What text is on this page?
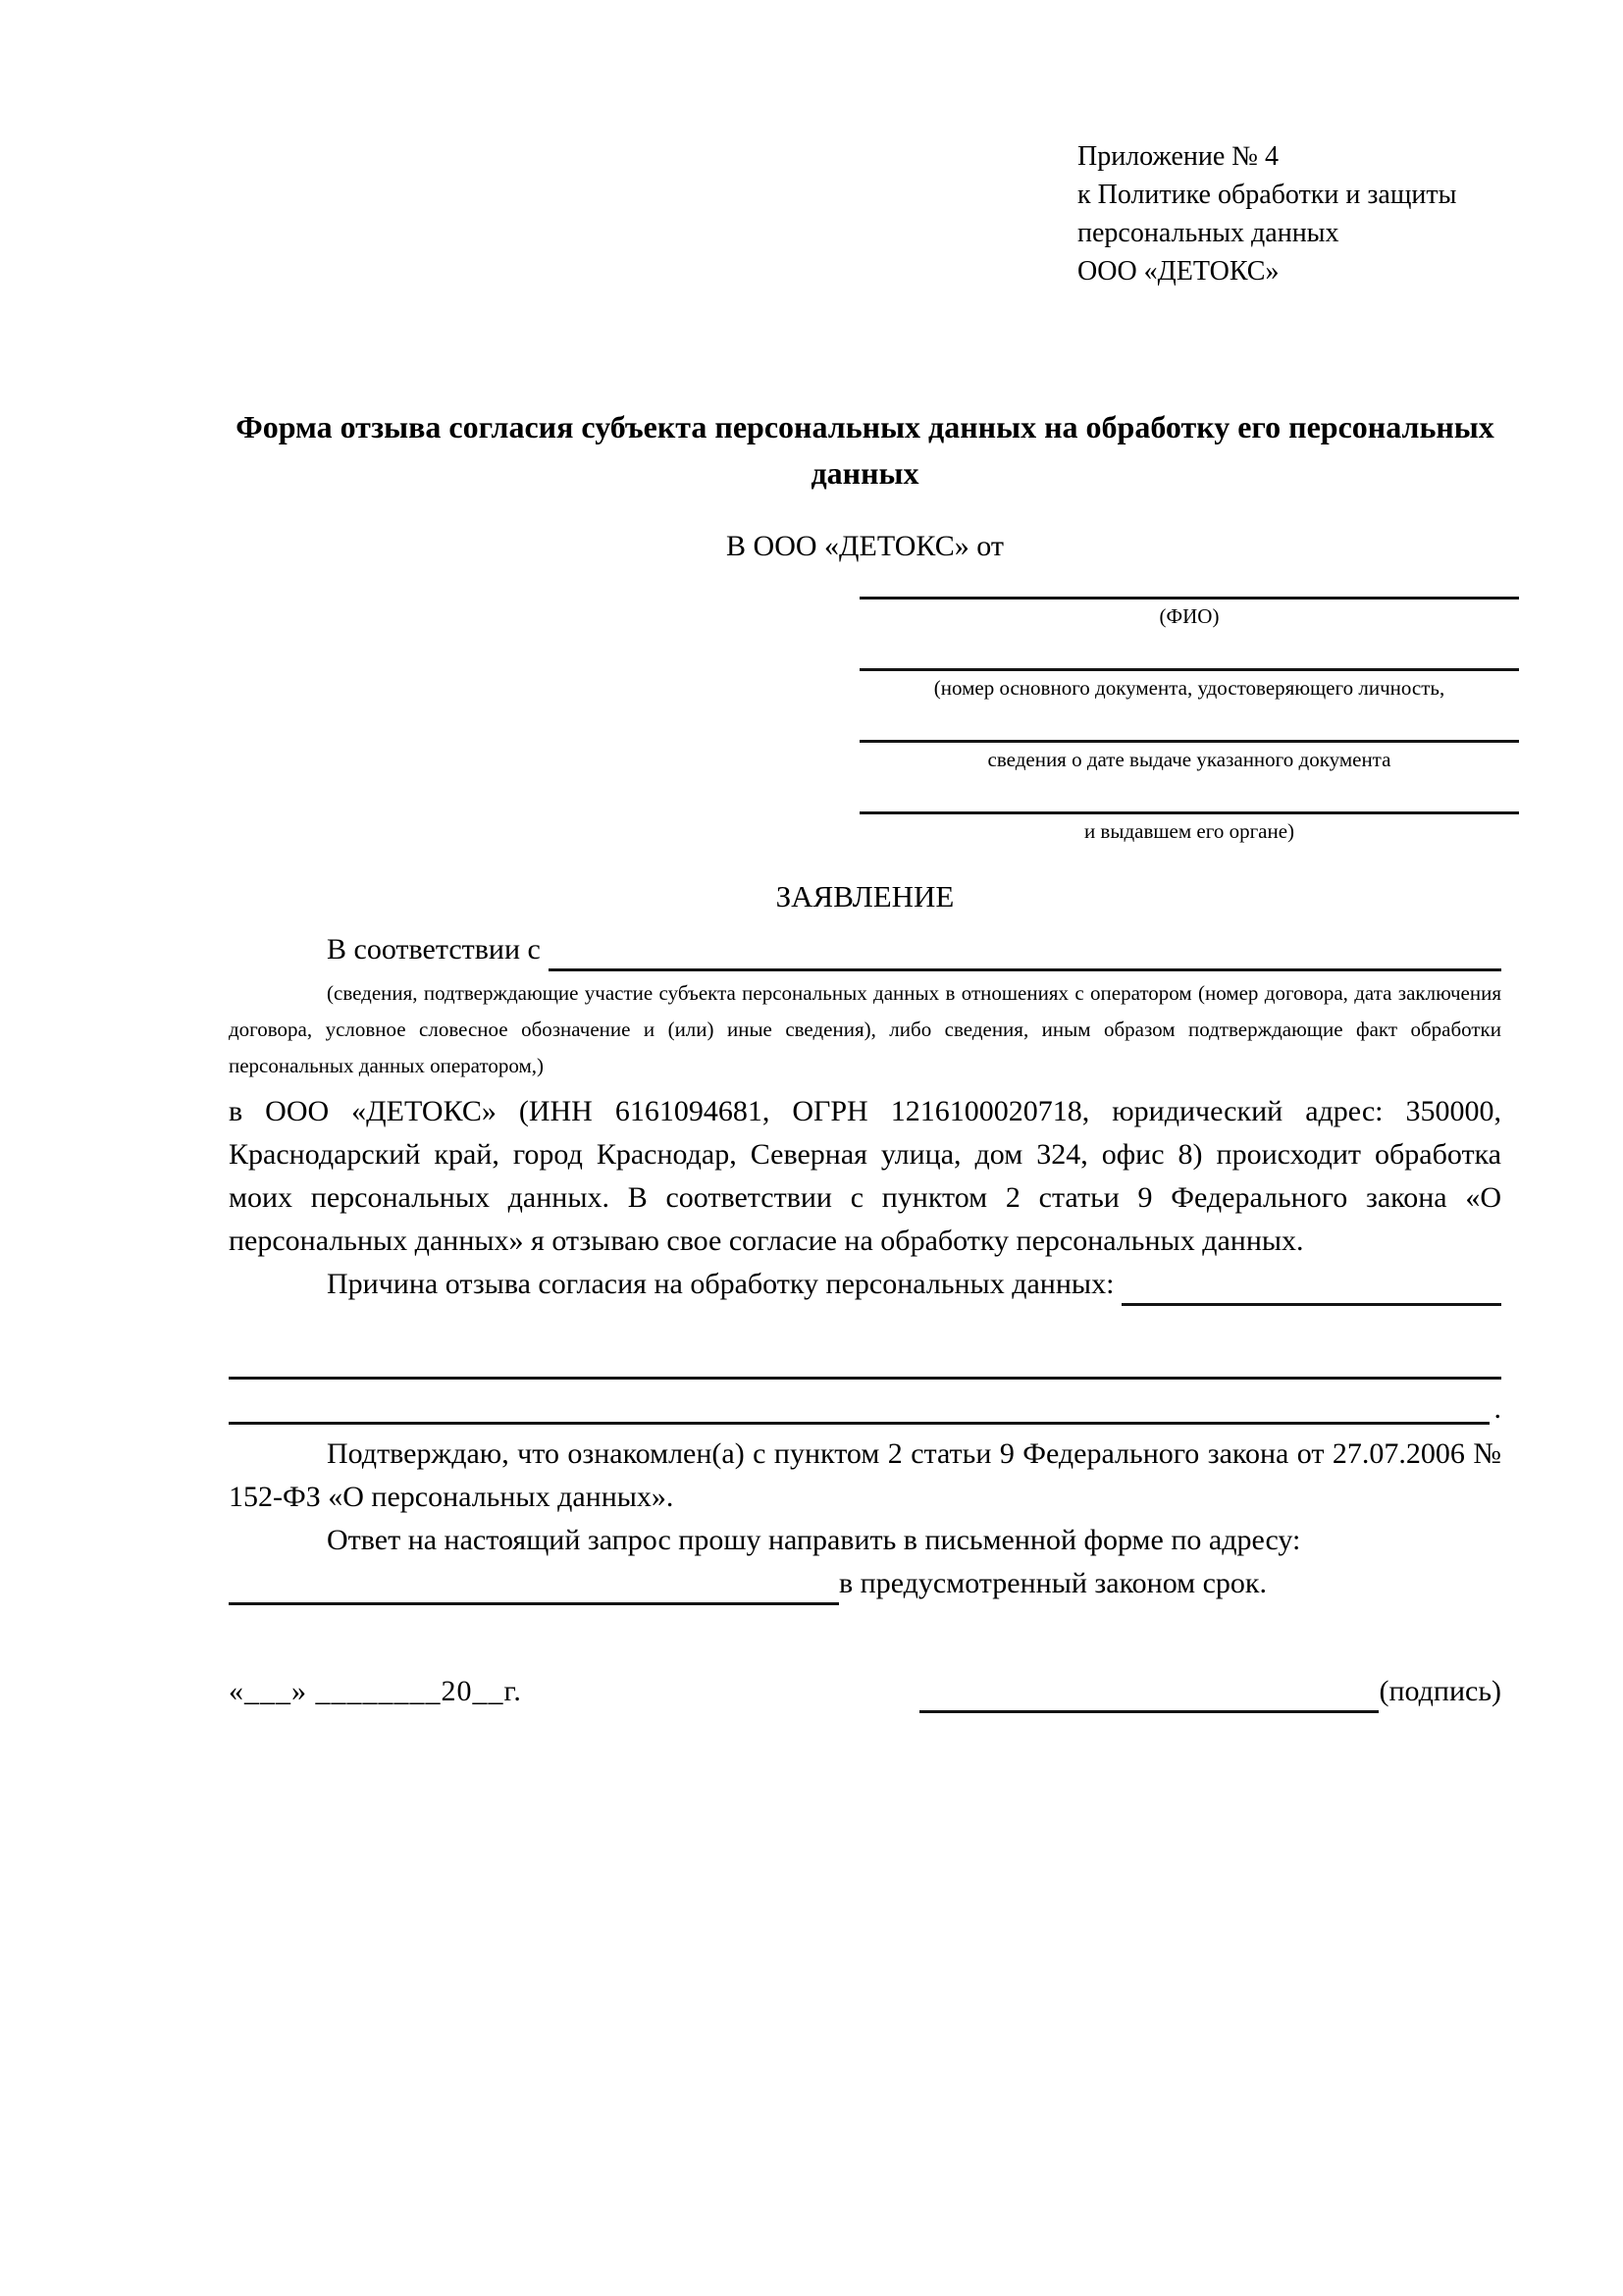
Приложение № 4
к Политике обработки и защиты
персональных данных
ООО «ДЕТОКС»
Форма отзыва согласия субъекта персональных данных на обработку его персональных данных
В ООО «ДЕТОКС» от
(ФИО)
(номер основного документа, удостоверяющего личность,
сведения о дате выдаче указанного документа
и выдавшем его органе)
ЗАЯВЛЕНИЕ
В соответствии с

(сведения, подтверждающие участие субъекта персональных данных в отношениях с оператором (номер договора, дата заключения договора, условное словесное обозначение и (или) иные сведения), либо сведения, иным образом подтверждающие факт обработки персональных данных оператором,)

в ООО «ДЕТОКС» (ИНН 6161094681, ОГРН 1216100020718, юридический адрес: 350000, Краснодарский край, город Краснодар, Северная улица, дом 324, офис 8) происходит обработка моих персональных данных. В соответствии с пунктом 2 статьи 9 Федерального закона «О персональных данных» я отзываю свое согласие на обработку персональных данных.

Причина отзыва согласия на обработку персональных данных:
.

Подтверждаю, что ознакомлен(а) с пунктом 2 статьи 9 Федерального закона от 27.07.2006 № 152-ФЗ «О персональных данных».

Ответ на настоящий запрос прошу направить в письменной форме по адресу:

в предусмотренный законом срок.
«___» ________20__г.	(подпись)
